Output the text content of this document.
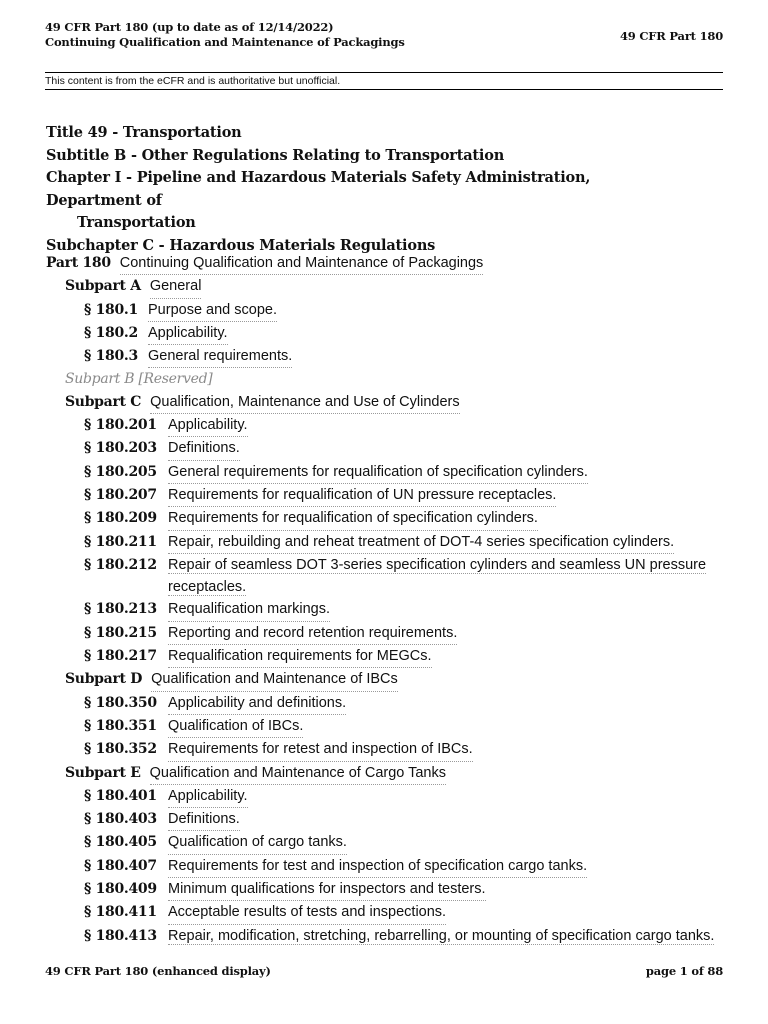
49 CFR Part 180 (up to date as of 12/14/2022)
Continuing Qualification and Maintenance of Packagings	49 CFR Part 180
This content is from the eCFR and is authoritative but unofficial.
Title 49 - Transportation
Subtitle B - Other Regulations Relating to Transportation
Chapter I - Pipeline and Hazardous Materials Safety Administration, Department of
Transportation
Subchapter C - Hazardous Materials Regulations
Part 180 Continuing Qualification and Maintenance of Packagings
Subpart A General
§ 180.1 Purpose and scope.
§ 180.2 Applicability.
§ 180.3 General requirements.
Subpart B [Reserved]
Subpart C Qualification, Maintenance and Use of Cylinders
§ 180.201 Applicability.
§ 180.203 Definitions.
§ 180.205 General requirements for requalification of specification cylinders.
§ 180.207 Requirements for requalification of UN pressure receptacles.
§ 180.209 Requirements for requalification of specification cylinders.
§ 180.211 Repair, rebuilding and reheat treatment of DOT-4 series specification cylinders.
§ 180.212 Repair of seamless DOT 3-series specification cylinders and seamless UN pressure receptacles.
§ 180.213 Requalification markings.
§ 180.215 Reporting and record retention requirements.
§ 180.217 Requalification requirements for MEGCs.
Subpart D Qualification and Maintenance of IBCs
§ 180.350 Applicability and definitions.
§ 180.351 Qualification of IBCs.
§ 180.352 Requirements for retest and inspection of IBCs.
Subpart E Qualification and Maintenance of Cargo Tanks
§ 180.401 Applicability.
§ 180.403 Definitions.
§ 180.405 Qualification of cargo tanks.
§ 180.407 Requirements for test and inspection of specification cargo tanks.
§ 180.409 Minimum qualifications for inspectors and testers.
§ 180.411 Acceptable results of tests and inspections.
§ 180.413 Repair, modification, stretching, rebarrelling, or mounting of specification cargo tanks.
49 CFR Part 180 (enhanced display)	page 1 of 88
